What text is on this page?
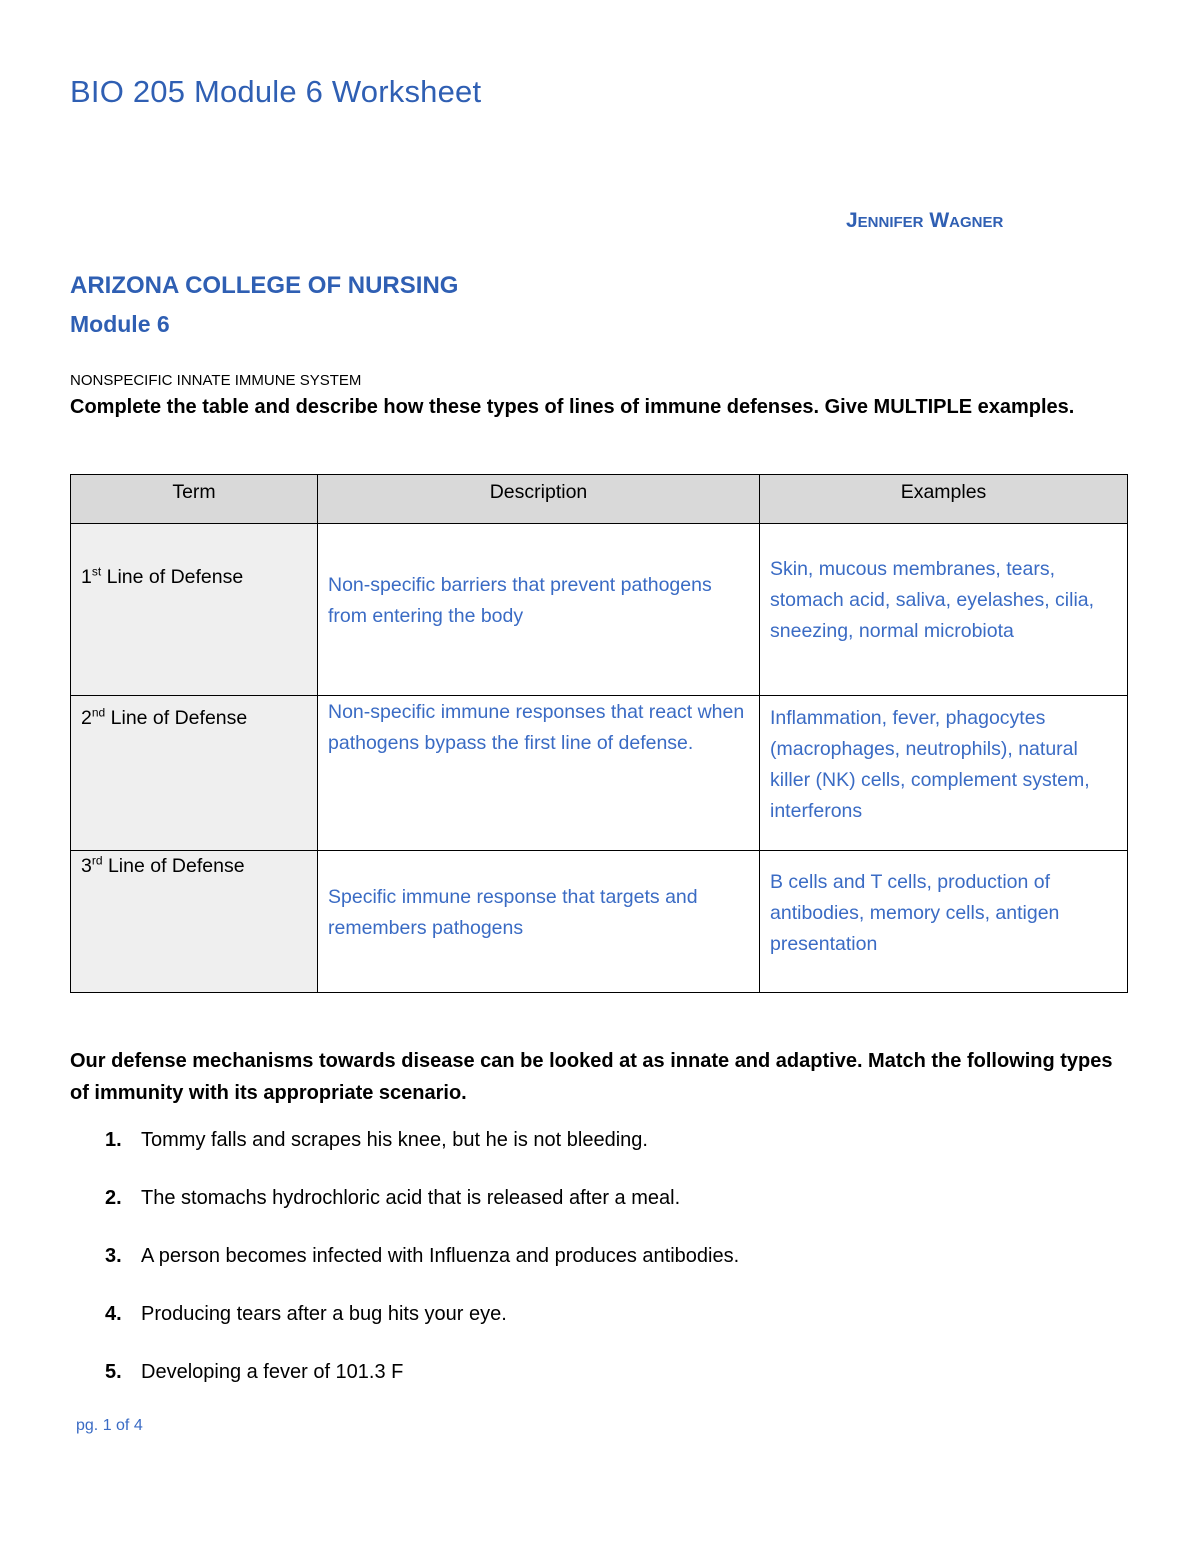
BIO 205 Module 6 Worksheet

Jennifer Wagner

ARIZONA COLLEGE OF NURSING

Module 6

NONSPECIFIC INNATE IMMUNE SYSTEM

Complete the table and describe how these types of lines of immune defenses. Give MULTIPLE examples.

Term	Description	Examples
1st Line of Defense	Non-specific barriers that prevent pathogens from entering the body	Skin, mucous membranes, tears, stomach acid, saliva, eyelashes, cilia, sneezing, normal microbiota
2nd Line of Defense	Non-specific immune responses that react when pathogens bypass the first line of defense.	Inflammation, fever, phagocytes (macrophages, neutrophils), natural killer (NK) cells, complement system, interferons
3rd Line of Defense	Specific immune response that targets and remembers pathogens	B cells and T cells, production of antibodies, memory cells, antigen presentation

Our defense mechanisms towards disease can be looked at as innate and adaptive. Match the following types of immunity with its appropriate scenario.

1. Tommy falls and scrapes his knee, but he is not bleeding.
2. The stomachs hydrochloric acid that is released after a meal.
3. A person becomes infected with Influenza and produces antibodies.
4. Producing tears after a bug hits your eye.
5. Developing a fever of 101.3 F

pg. 1 of 4
